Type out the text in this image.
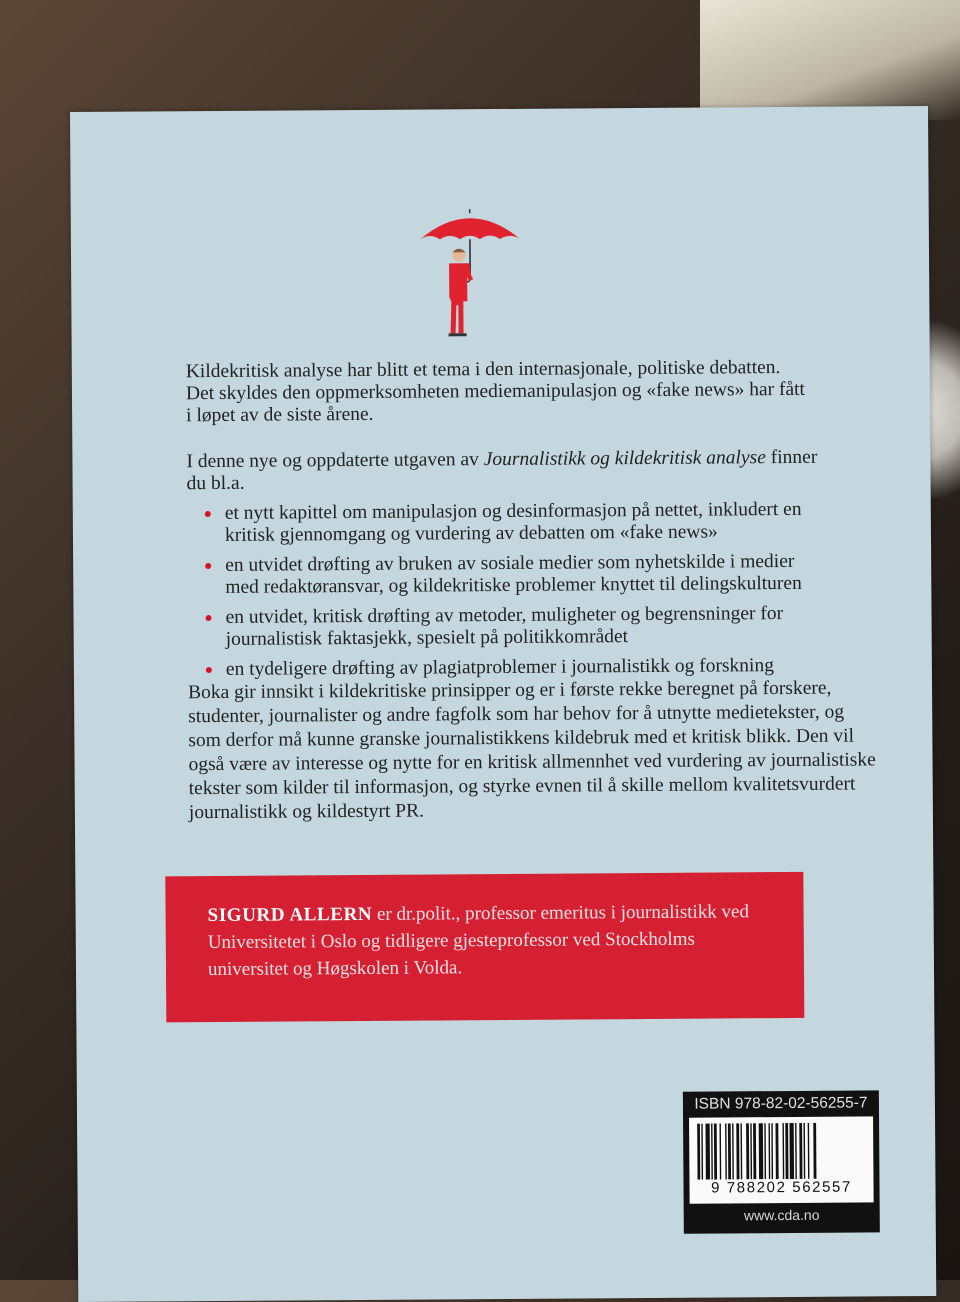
Kildekritisk analyse har blitt et tema i den internasjonale, politiske debatten.
Det skyldes den oppmerksomheten mediemanipulasjon og «fake news» har fått
i løpet av de siste årene.
I denne nye og oppdaterte utgaven av Journalistikk og kildekritisk analyse finner du bl.a.
et nytt kapittel om manipulasjon og desinformasjon på nettet, inkludert en kritisk gjennomgang og vurdering av debatten om «fake news»
en utvidet drøfting av bruken av sosiale medier som nyhetskilde i medier med redaktøransvar, og kildekritiske problemer knyttet til delingskulturen
en utvidet, kritisk drøfting av metoder, muligheter og begrensninger for journalistisk faktasjekk, spesielt på politikkområdet
en tydeligere drøfting av plagiatproblemer i journalistikk og forskning
Boka gir innsikt i kildekritiske prinsipper og er i første rekke beregnet på forskere, studenter, journalister og andre fagfolk som har behov for å utnytte medietekster, og som derfor må kunne granske journalistikkens kildebruk med et kritisk blikk. Den vil også være av interesse og nytte for en kritisk allmennhet ved vurdering av journalistiske tekster som kilder til informasjon, og styrke evnen til å skille mellom kvalitetsvurdert journalistikk og kildestyrt PR.
SIGURD ALLERN er dr.polit., professor emeritus i journalistikk ved Universitetet i Oslo og tidligere gjesteprofessor ved Stockholms universitet og Høgskolen i Volda.
ISBN 978-82-02-56255-7
9 788202 562557
www.cda.no
